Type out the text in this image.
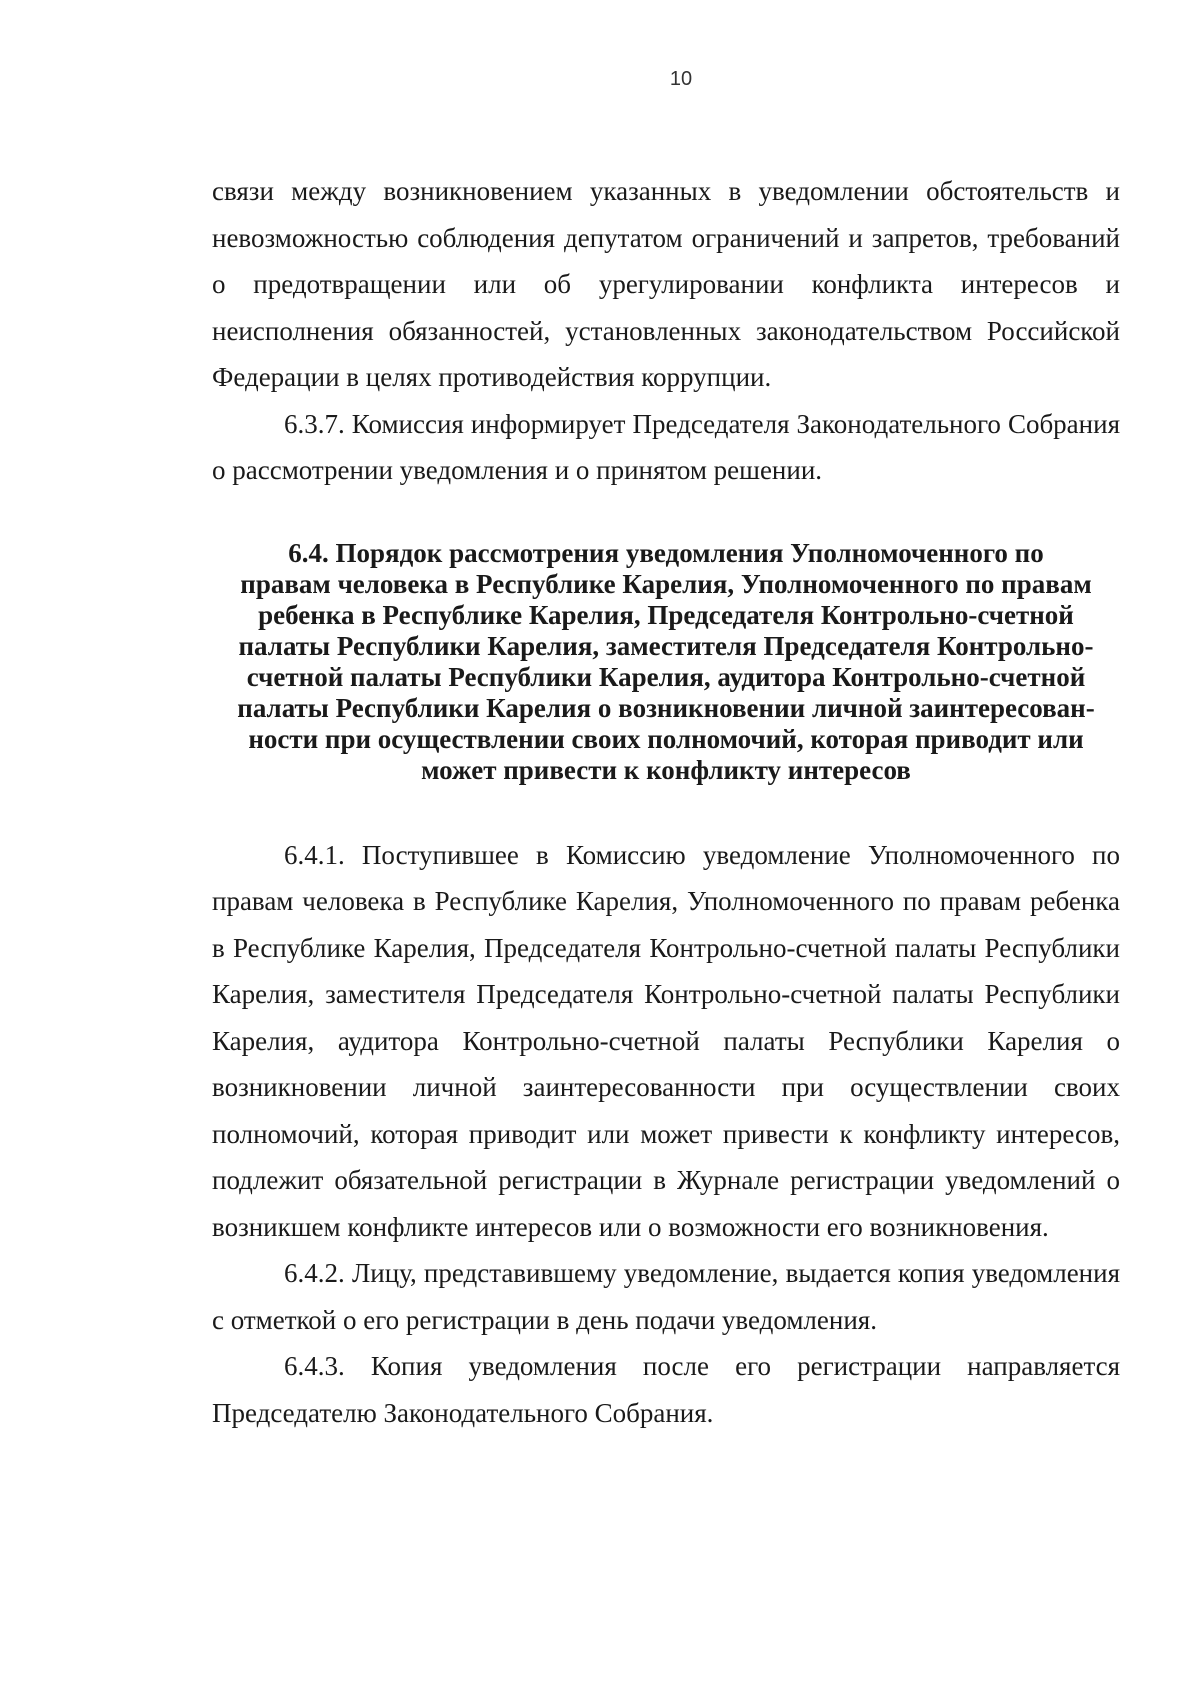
10

связи между возникновением указанных в уведомлении обстоятельств и невозможностью соблюдения депутатом ограничений и запретов, требований о предотвращении или об урегулировании конфликта интересов и неисполнения обязанностей, установленных законодательством Российской Федерации в целях противодействия коррупции.

6.3.7. Комиссия информирует Председателя Законодательного Собрания о рассмотрении уведомления и о принятом решении.

6.4. Порядок рассмотрения уведомления Уполномоченного по
правам человека в Республике Карелия, Уполномоченного по правам
ребенка в Республике Карелия, Председателя Контрольно-счетной
палаты Республики Карелия, заместителя Председателя Контрольно-
счетной палаты Республики Карелия, аудитора Контрольно-счетной
палаты Республики Карелия о возникновении личной заинтересован-
ности при осуществлении своих полномочий, которая приводит или
может привести к конфликту интересов

6.4.1. Поступившее в Комиссию уведомление Уполномоченного по правам человека в Республике Карелия, Уполномоченного по правам ребенка в Республике Карелия, Председателя Контрольно-счетной палаты Республики Карелия, заместителя Председателя Контрольно-счетной палаты Республики Карелия, аудитора Контрольно-счетной палаты Республики Карелия о возникновении личной заинтересованности при осуществлении своих полномочий, которая приводит или может привести к конфликту интересов, подлежит обязательной регистрации в Журнале регистрации уведомлений о возникшем конфликте интересов или о возможности его возникновения.

6.4.2. Лицу, представившему уведомление, выдается копия уведомления с отметкой о его регистрации в день подачи уведомления.

6.4.3. Копия уведомления после его регистрации направляется Председателю Законодательного Собрания.
